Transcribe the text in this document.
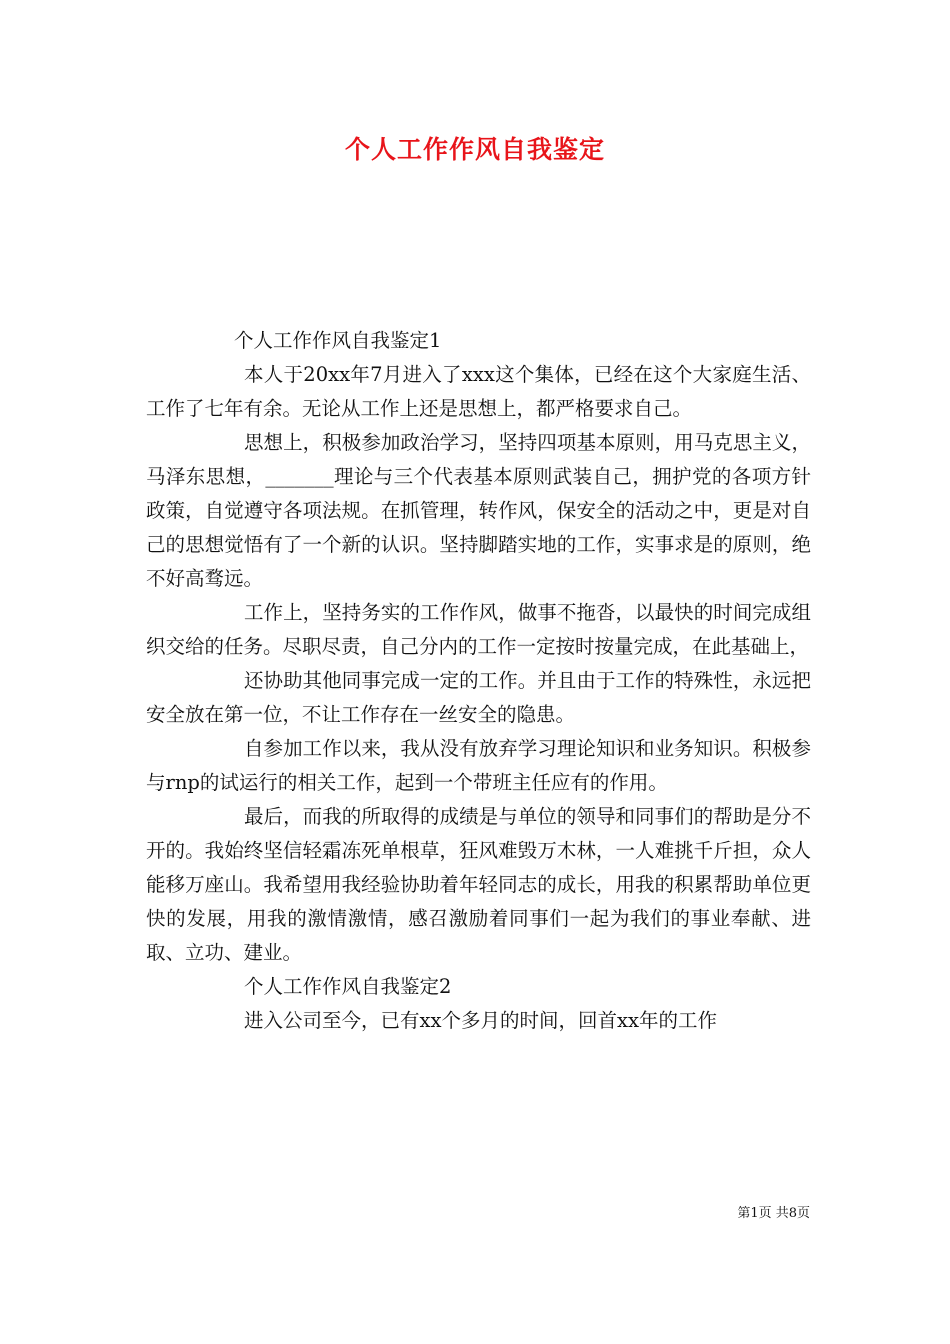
个人工作作风自我鉴定

个人工作作风自我鉴定1

本人于20xx年7月进入了xxx这个集体，已经在这个大家庭生活、工作了七年有余。无论从工作上还是思想上，都严格要求自己。

思想上，积极参加政治学习，坚持四项基本原则，用马克思主义，马泽东思想，_______理论与三个代表基本原则武装自己，拥护党的各项方针政策，自觉遵守各项法规。在抓管理，转作风，保安全的活动之中，更是对自己的思想觉悟有了一个新的认识。坚持脚踏实地的工作，实事求是的原则，绝不好高骛远。

工作上，坚持务实的工作作风，做事不拖沓，以最快的时间完成组织交给的任务。尽职尽责，自己分内的工作一定按时按量完成，在此基础上，

还协助其他同事完成一定的工作。并且由于工作的特殊性，永远把安全放在第一位，不让工作存在一丝安全的隐患。

自参加工作以来，我从没有放弃学习理论知识和业务知识。积极参与rnp的试运行的相关工作，起到一个带班主任应有的作用。

最后，而我的所取得的成绩是与单位的领导和同事们的帮助是分不开的。我始终坚信轻霜冻死单根草，狂风难毁万木林，一人难挑千斤担，众人能移万座山。我希望用我经验协助着年轻同志的成长，用我的积累帮助单位更快的发展，用我的激情激情，感召激励着同事们一起为我们的事业奉献、进取、立功、建业。

个人工作作风自我鉴定2

进入公司至今，已有xx个多月的时间，回首xx年的工作

第1页 共8页
